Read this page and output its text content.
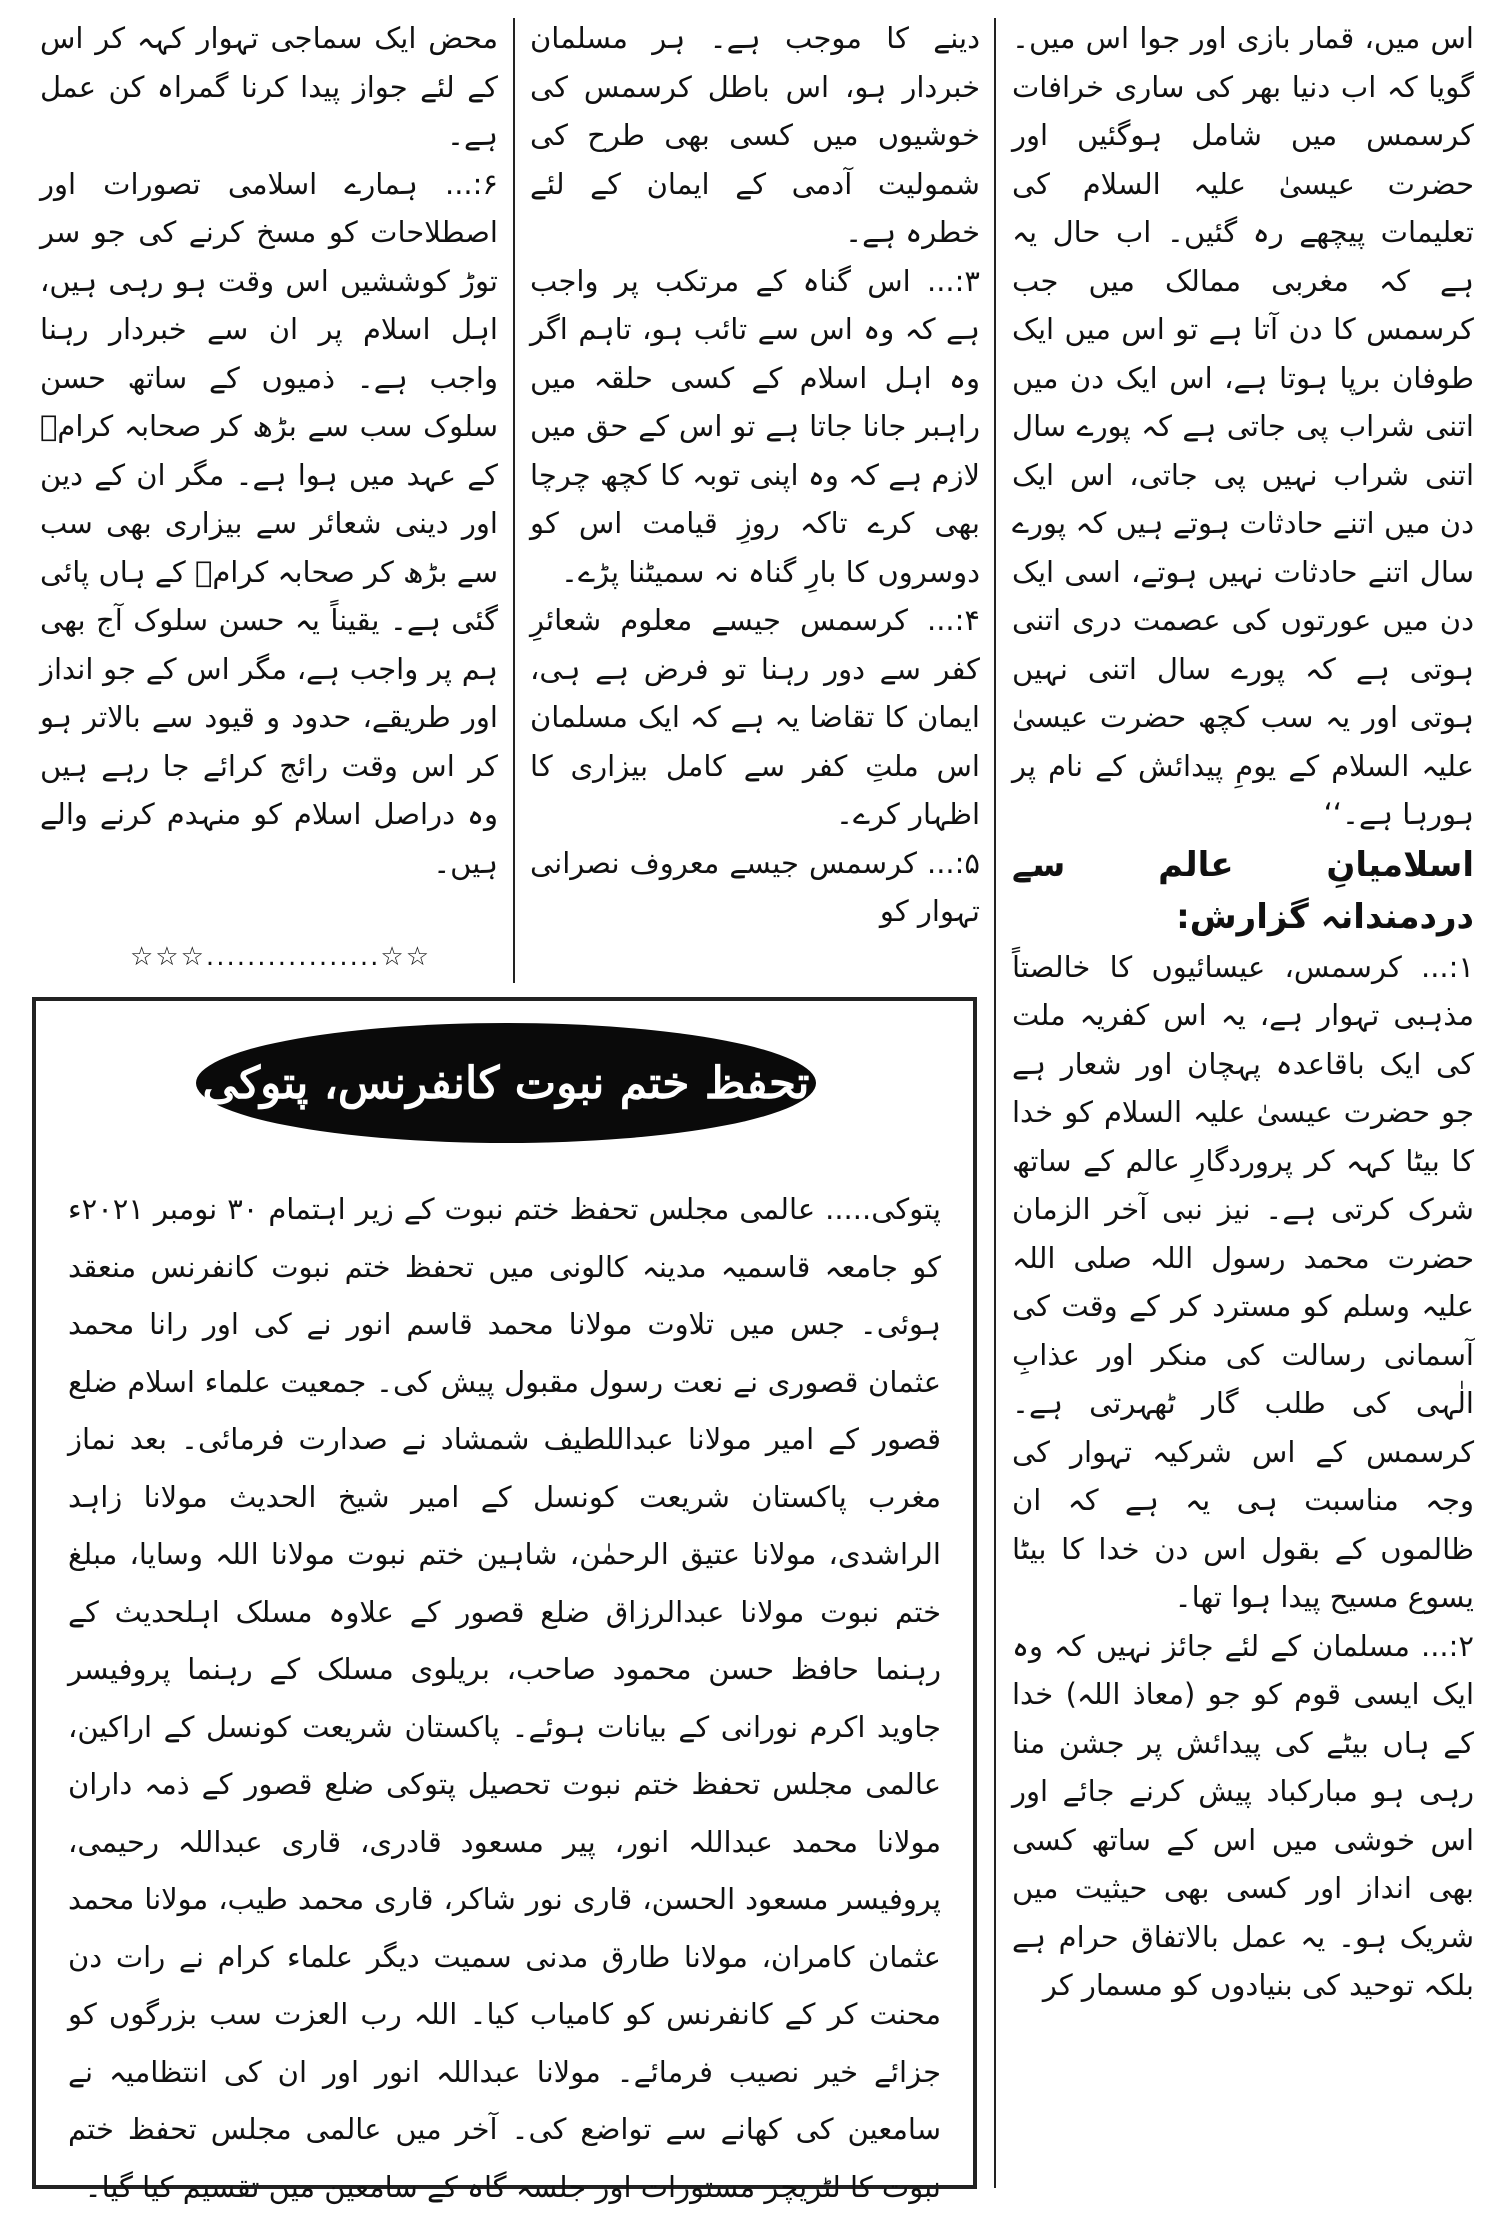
اس میں، قمار بازی اور جوا اس میں۔ گویا کہ اب دنیا بھر کی ساری خرافات کرسمس میں شامل ہوگئیں اور حضرت عیسیٰ علیہ السلام کی تعلیمات پیچھے رہ گئیں۔ اب حال یہ ہے کہ مغربی ممالک میں جب کرسمس کا دن آتا ہے تو اس میں ایک طوفان برپا ہوتا ہے، اس ایک دن میں اتنی شراب پی جاتی ہے کہ پورے سال اتنی شراب نہیں پی جاتی، اس ایک دن میں اتنے حادثات ہوتے ہیں کہ پورے سال اتنے حادثات نہیں ہوتے، اسی ایک دن میں عورتوں کی عصمت دری اتنی ہوتی ہے کہ پورے سال اتنی نہیں ہوتی اور یہ سب کچھ حضرت عیسیٰ علیہ السلام کے یومِ پیدائش کے نام پر ہورہا ہے۔‘‘

اسلامیانِ عالم سے دردمندانہ گزارش:

۱:... کرسمس، عیسائیوں کا خالصتاً مذہبی تہوار ہے، یہ اس کفریہ ملت کی ایک باقاعدہ پہچان اور شعار ہے جو حضرت عیسیٰ علیہ السلام کو خدا کا بیٹا کہہ کر پروردگارِ عالم کے ساتھ شرک کرتی ہے۔ نیز نبی آخر الزمان حضرت محمد رسول اللہ صلی اللہ علیہ وسلم کو مسترد کر کے وقت کی آسمانی رسالت کی منکر اور عذابِ الٰہی کی طلب گار ٹھہرتی ہے۔ کرسمس کے اس شرکیہ تہوار کی وجہ مناسبت ہی یہ ہے کہ ان ظالموں کے بقول اس دن خدا کا بیٹا یسوع مسیح پیدا ہوا تھا۔

۲:... مسلمان کے لئے جائز نہیں کہ وہ ایک ایسی قوم کو جو (معاذ اللہ) خدا کے ہاں بیٹے کی پیدائش پر جشن منا رہی ہو مبارکباد پیش کرنے جائے اور اس خوشی میں اس کے ساتھ کسی بھی انداز اور کسی بھی حیثیت میں شریک ہو۔ یہ عمل بالاتفاق حرام ہے بلکہ توحید کی بنیادوں کو مسمار کر

دینے کا موجب ہے۔ ہر مسلمان خبردار ہو، اس باطل کرسمس کی خوشیوں میں کسی بھی طرح کی شمولیت آدمی کے ایمان کے لئے خطرہ ہے۔

۳:... اس گناہ کے مرتکب پر واجب ہے کہ وہ اس سے تائب ہو، تاہم اگر وہ اہل اسلام کے کسی حلقہ میں راہبر جانا جاتا ہے تو اس کے حق میں لازم ہے کہ وہ اپنی توبہ کا کچھ چرچا بھی کرے تاکہ روزِ قیامت اس کو دوسروں کا بارِ گناہ نہ سمیٹنا پڑے۔

۴:... کرسمس جیسے معلوم شعائرِ کفر سے دور رہنا تو فرض ہے ہی، ایمان کا تقاضا یہ ہے کہ ایک مسلمان اس ملتِ کفر سے کامل بیزاری کا اظہار کرے۔

۵:... کرسمس جیسے معروف نصرانی تہوار کو

محض ایک سماجی تہوار کہہ کر اس کے لئے جواز پیدا کرنا گمراہ کن عمل ہے۔

۶:... ہمارے اسلامی تصورات اور اصطلاحات کو مسخ کرنے کی جو سر توڑ کوششیں اس وقت ہو رہی ہیں، اہل اسلام پر ان سے خبردار رہنا واجب ہے۔ ذمیوں کے ساتھ حسن سلوک سب سے بڑھ کر صحابہ کرامؓ کے عہد میں ہوا ہے۔ مگر ان کے دین اور دینی شعائر سے بیزاری بھی سب سے بڑھ کر صحابہ کرامؓ کے ہاں پائی گئی ہے۔ یقیناً یہ حسن سلوک آج بھی ہم پر واجب ہے، مگر اس کے جو انداز اور طریقے، حدود و قیود سے بالاتر ہو کر اس وقت رائج کرائے جا رہے ہیں وہ دراصل اسلام کو منہدم کرنے والے ہیں۔

☆☆.................☆☆☆
تحفظ ختم نبوت کانفرنس، پتوکی
پتوکی..... عالمی مجلس تحفظ ختم نبوت کے زیر اہتمام ۳۰ نومبر ۲۰۲۱ء کو جامعہ قاسمیہ مدینہ کالونی میں تحفظ ختم نبوت کانفرنس منعقد ہوئی۔ جس میں تلاوت مولانا محمد قاسم انور نے کی اور رانا محمد عثمان قصوری نے نعت رسول مقبول پیش کی۔ جمعیت علماء اسلام ضلع قصور کے امیر مولانا عبداللطیف شمشاد نے صدارت فرمائی۔ بعد نماز مغرب پاکستان شریعت کونسل کے امیر شیخ الحدیث مولانا زاہد الراشدی، مولانا عتیق الرحمٰن، شاہین ختم نبوت مولانا اللہ وسایا، مبلغ ختم نبوت مولانا عبدالرزاق ضلع قصور کے علاوہ مسلک اہلحدیث کے رہنما حافظ حسن محمود صاحب، بریلوی مسلک کے رہنما پروفیسر جاوید اکرم نورانی کے بیانات ہوئے۔ پاکستان شریعت کونسل کے اراکین، عالمی مجلس تحفظ ختم نبوت تحصیل پتوکی ضلع قصور کے ذمہ داران مولانا محمد عبداللہ انور، پیر مسعود قادری، قاری عبداللہ رحیمی، پروفیسر مسعود الحسن، قاری نور شاکر، قاری محمد طیب، مولانا محمد عثمان کامران، مولانا طارق مدنی سمیت دیگر علماء کرام نے رات دن محنت کر کے کانفرنس کو کامیاب کیا۔ اللہ رب العزت سب بزرگوں کو جزائے خیر نصیب فرمائے۔ مولانا عبداللہ انور اور ان کی انتظامیہ نے سامعین کی کھانے سے تواضع کی۔ آخر میں عالمی مجلس تحفظ ختم نبوت کا لٹریچر مستورات اور جلسہ گاہ کے سامعین میں تقسیم کیا گیا۔
